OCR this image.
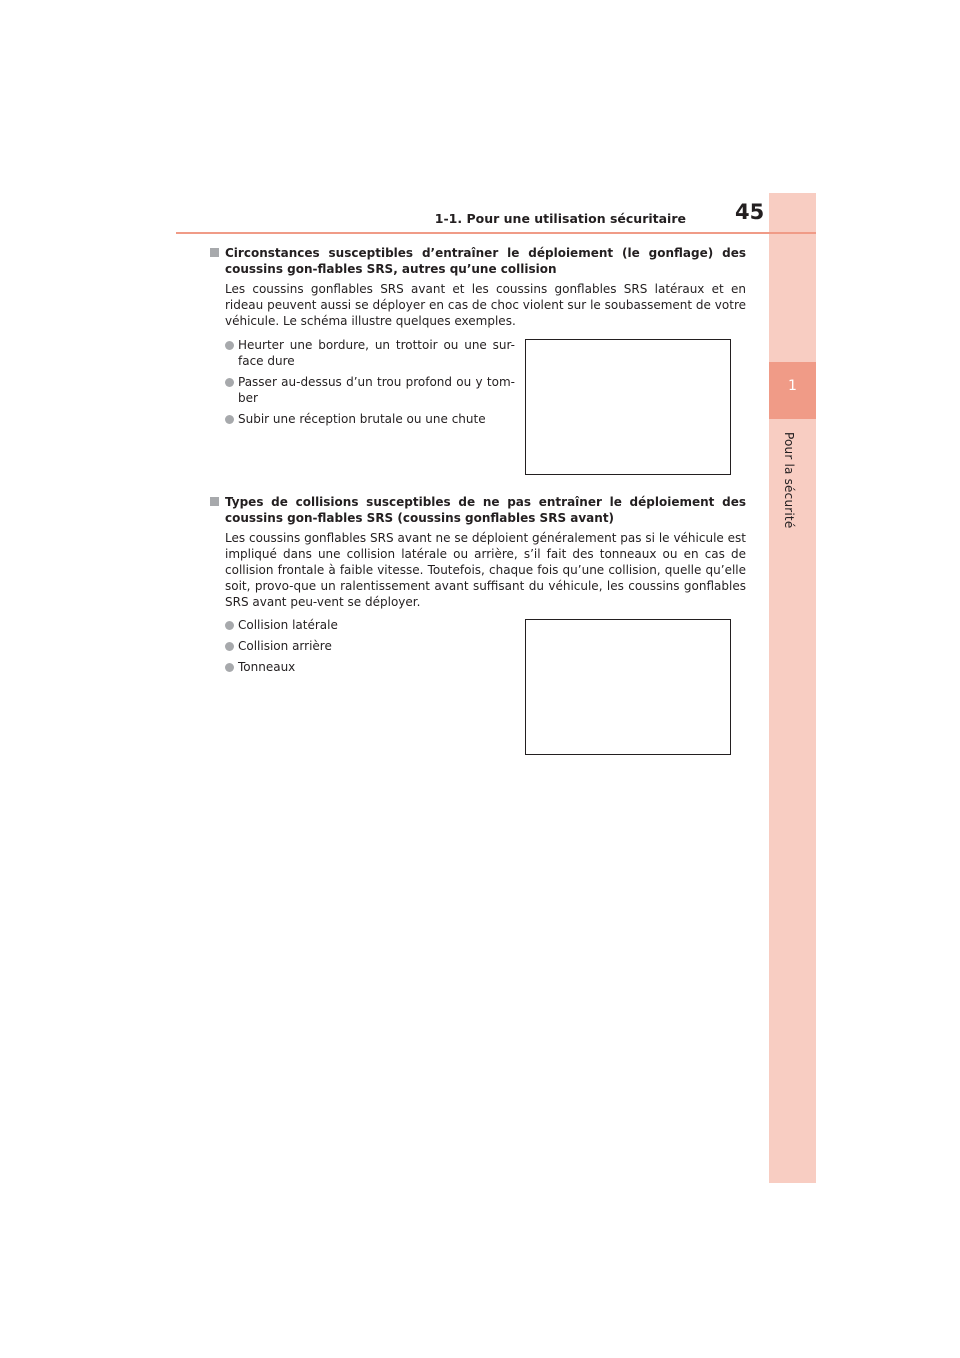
1
Pour la sécurité
1-1. Pour une utilisation sécuritaire 45
Circonstances susceptibles d’entraîner le déploiement (le gonflage) des coussins gon-flables SRS, autres qu’une collision
Les coussins gonflables SRS avant et les coussins gonflables SRS latéraux et en rideau peuvent aussi se déployer en cas de choc violent sur le soubassement de votre véhicule. Le schéma illustre quelques exemples.
Heurter une bordure, un trottoir ou une sur-face dure
Passer au-dessus d’un trou profond ou y tom-ber
Subir une réception brutale ou une chute
Types de collisions susceptibles de ne pas entraîner le déploiement des coussins gon-flables SRS (coussins gonflables SRS avant)
Les coussins gonflables SRS avant ne se déploient généralement pas si le véhicule est impliqué dans une collision latérale ou arrière, s’il fait des tonneaux ou en cas de collision frontale à faible vitesse. Toutefois, chaque fois qu’une collision, quelle qu’elle soit, provo-que un ralentissement avant suffisant du véhicule, les coussins gonflables SRS avant peu-vent se déployer.
Collision latérale
Collision arrière
Tonneaux
